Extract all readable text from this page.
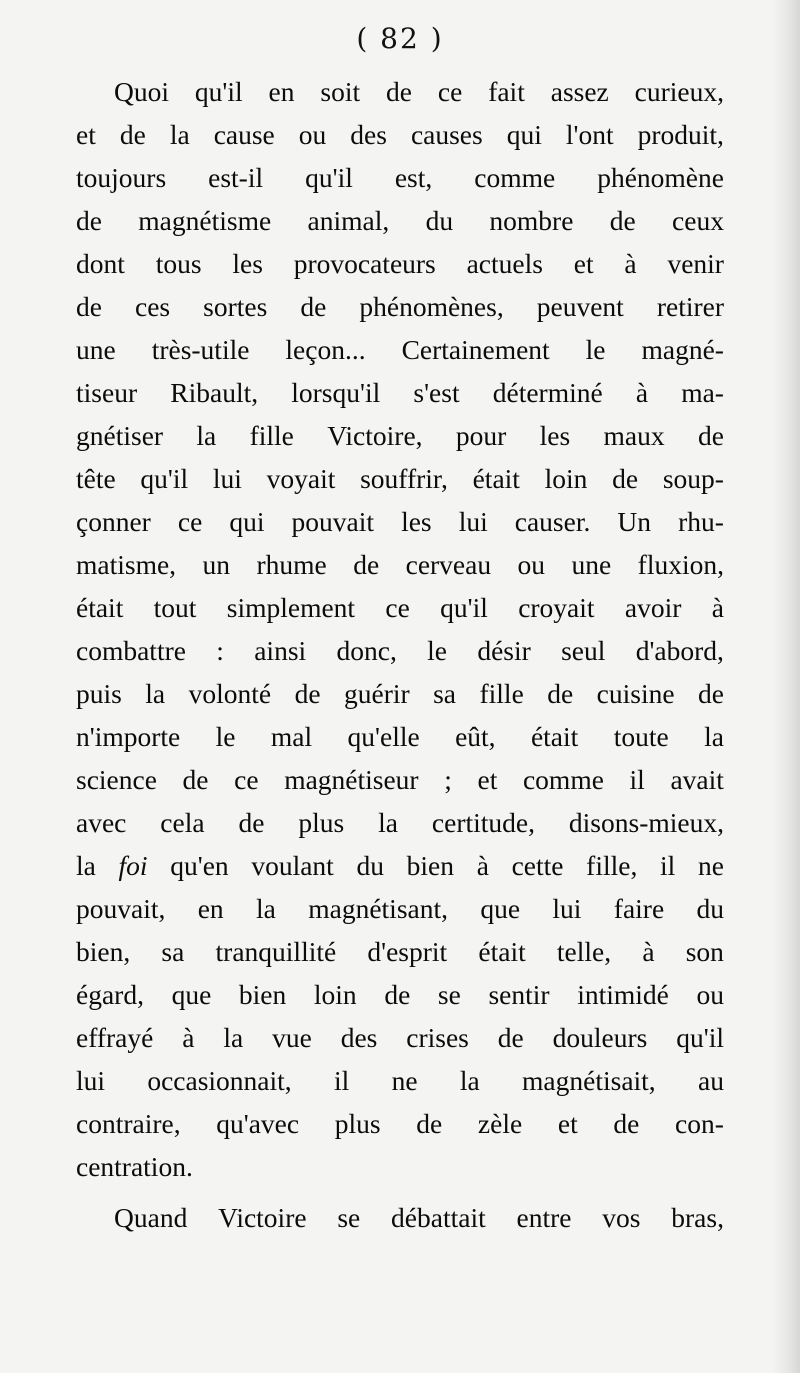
( 82 )
Quoi qu'il en soit de ce fait assez curieux,
et de la cause ou des causes qui l'ont produit,
toujours est-il qu'il est, comme phénomène
de magnétisme animal, du nombre de ceux
dont tous les provocateurs actuels et à venir
de ces sortes de phénomènes, peuvent retirer
une très-utile leçon... Certainement le magné-
tiseur Ribault, lorsqu'il s'est déterminé à ma-
gnétiser la fille Victoire, pour les maux de
tête qu'il lui voyait souffrir, était loin de soup-
çonner ce qui pouvait les lui causer. Un rhu-
matisme, un rhume de cerveau ou une fluxion,
était tout simplement ce qu'il croyait avoir à
combattre : ainsi donc, le désir seul d'abord,
puis la volonté de guérir sa fille de cuisine de
n'importe le mal qu'elle eût, était toute la
science de ce magnétiseur ; et comme il avait
avec cela de plus la certitude, disons-mieux,
la foi qu'en voulant du bien à cette fille, il ne
pouvait, en la magnétisant, que lui faire du
bien, sa tranquillité d'esprit était telle, à son
égard, que bien loin de se sentir intimidé ou
effrayé à la vue des crises de douleurs qu'il
lui occasionnait, il ne la magnétisait, au
contraire, qu'avec plus de zèle et de con-
centration.
Quand Victoire se débattait entre vos bras,
